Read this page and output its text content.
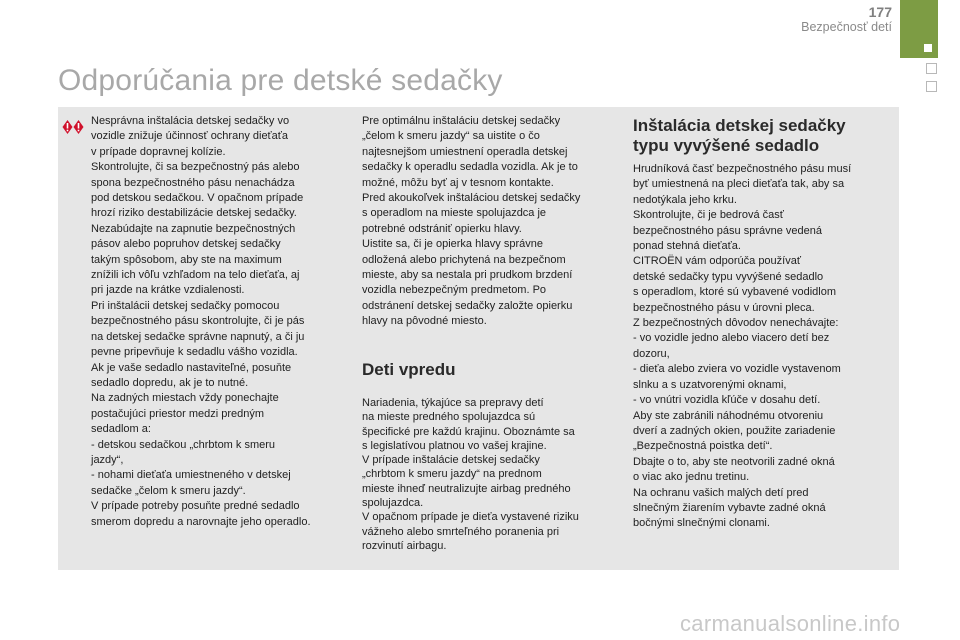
177
Bezpečnosť detí
Odporúčania pre detské sedačky
Nesprávna inštalácia detskej sedačky vo
vozidle znižuje účinnosť ochrany dieťaťa
v prípade dopravnej kolízie.
Skontrolujte, či sa bezpečnostný pás alebo
spona bezpečnostného pásu nenachádza
pod detskou sedačkou. V opačnom prípade
hrozí riziko destabilizácie detskej sedačky.
Nezabúdajte na zapnutie bezpečnostných
pásov alebo popruhov detskej sedačky
takým spôsobom, aby ste na maximum
znížili ich vôľu vzhľadom na telo dieťaťa, aj
pri jazde na krátke vzdialenosti.
Pri inštalácii detskej sedačky pomocou
bezpečnostného pásu skontrolujte, či je pás
na detskej sedačke správne napnutý, a či ju
pevne pripevňuje k sedadlu vášho vozidla.
Ak je vaše sedadlo nastaviteľné, posuňte
sedadlo dopredu, ak je to nutné.
Na zadných miestach vždy ponechajte
postačujúci priestor medzi predným
sedadlom a:
- detskou sedačkou „chrbtom k smeru
jazdy“,
- nohami dieťaťa umiestneného v detskej
sedačke „čelom k smeru jazdy“.
V prípade potreby posuňte predné sedadlo
smerom dopredu a narovnajte jeho operadlo.
Pre optimálnu inštaláciu detskej sedačky
„čelom k smeru jazdy“ sa uistite o čo
najtesnejšom umiestnení operadla detskej
sedačky k operadlu sedadla vozidla. Ak je to
možné, môžu byť aj v tesnom kontakte.
Pred akoukoľvek inštaláciou detskej sedačky
s operadlom na mieste spolujazdca je
potrebné odstrániť opierku hlavy.
Uistite sa, či je opierka hlavy správne
odložená alebo prichytená na bezpečnom
mieste, aby sa nestala pri prudkom brzdení
vozidla nebezpečným predmetom. Po
odstránení detskej sedačky založte opierku
hlavy na pôvodné miesto.
Deti vpredu
Nariadenia, týkajúce sa prepravy detí
na mieste predného spolujazdca sú
špecifické pre každú krajinu. Oboznámte sa
s legislatívou platnou vo vašej krajine.
V prípade inštalácie detskej sedačky
„chrbtom k smeru jazdy“ na prednom
mieste ihneď neutralizujte airbag predného
spolujazdca.
V opačnom prípade je dieťa vystavené riziku
vážneho alebo smrteľného poranenia pri
rozvinutí airbagu.
Inštalácia detskej sedačky
typu vyvýšené sedadlo
Hrudníková časť bezpečnostného pásu musí
byť umiestnená na pleci dieťaťa tak, aby sa
nedotýkala jeho krku.
Skontrolujte, či je bedrová časť
bezpečnostného pásu správne vedená
ponad stehná dieťaťa.
CITROËN vám odporúča používať
detské sedačky typu vyvýšené sedadlo
s operadlom, ktoré sú vybavené vodidlom
bezpečnostného pásu v úrovni pleca.
Z bezpečnostných dôvodov nenechávajte:
- vo vozidle jedno alebo viacero detí bez
dozoru,
- dieťa alebo zviera vo vozidle vystavenom
slnku a s uzatvorenými oknami,
- vo vnútri vozidla kľúče v dosahu detí.
Aby ste zabránili náhodnému otvoreniu
dverí a zadných okien, použite zariadenie
„Bezpečnostná poistka detí“.
Dbajte o to, aby ste neotvorili zadné okná
o viac ako jednu tretinu.
Na ochranu vašich malých detí pred
slnečným žiarením vybavte zadné okná
bočnými slnečnými clonami.
carmanualsonline.info
